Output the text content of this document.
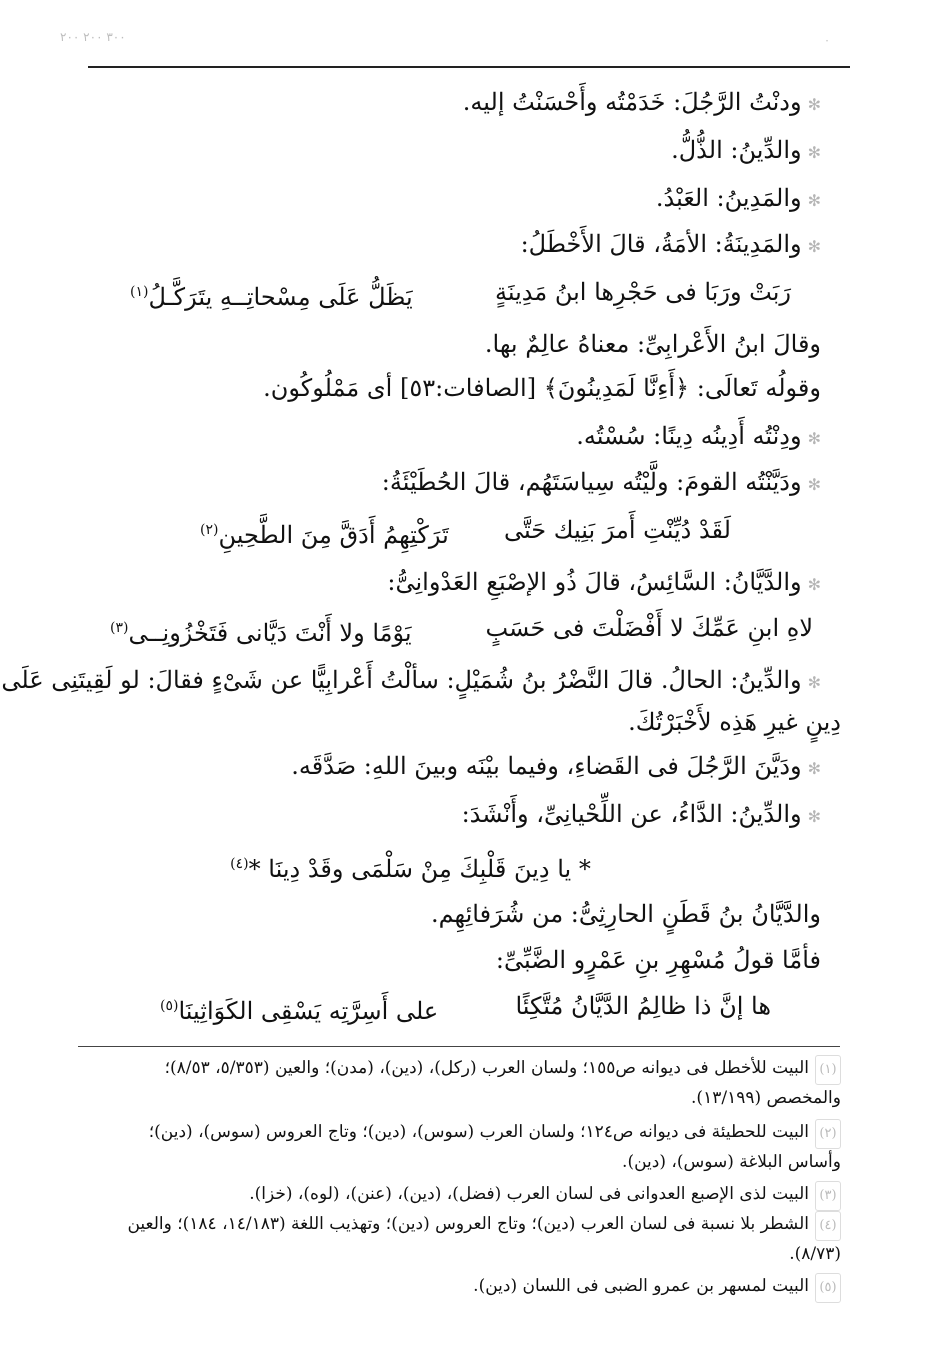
٣٠٠ ٢٠٠ ٢٠٠	·
✻ودنْتُ الرَّجُلَ: خَدَمْتُه وأَحْسَنْتُ إليه.
✻والدِّينُ: الذُّلُّ.
✻والمَدِينُ: العَبْدُ.
✻والمَدِينَةُ: الأمَةُ، قالَ الأَخْطَلُ:
رَبَتْ ورَبَا فى حَجْرِها ابنُ مَدِينَةٍ
يَظَلُّ عَلَى مِسْحاتِــهِ يتَرَكَّـلُ$^{(١)}$
وقالَ ابنُ الأَعْرابِىِّ: معناهُ عالِمٌ بها.
وقولُه تَعالَى: ﴿أَءِنَّا لَمَدِينُونَ﴾ [الصافات:٥٣] أى مَمْلُوكُون.
✻ودِنْتُه أَدِينُه دِينًا: سُسْتُه.
✻ودَيَّنْتُه القومَ: ولَّيْتُه سِياسَتَهُم، قالَ الحُطَيْئَةُ:
لَقَدْ دُيِّنْتِ أَمرَ بَنِيك حَتَّى
تَرَكْتِهِمُ أَدَقَّ مِنَ الطَّحِينِ$^{(٢)}$
✻والدَّيَّانُ: السَّائِسُ، قالَ ذُو الإصْبَعِ العَدْوانِىُّ:
لاهِ ابنِ عَمِّكَ لا أَفْضَلْتَ فى حَسَبٍ
يَوْمًا ولا أَنْتَ دَيَّانى فَتَخْزُونِــى$^{(٣)}$
✻والدِّينُ: الحالُ. قالَ النَّضْرُ بنُ شُمَيْلٍ: سألْتُ أَعْرابِيًّا عن شَىْءٍ فقالَ: لو لَقِيتَنِى عَلَى
دِينٍ غيرِ هَذِه لأَخْبَرْتُكَ.
✻ودَيَّنَ الرَّجُلَ فى القَضاءِ، وفيما بيْنَه وبينَ اللهِ: صَدَّقَه.
✻والدِّينُ: الدَّاءُ، عن اللِّحْيانِىِّ، وأَنْشَدَ:
* يا دِينَ قَلْبِكَ مِنْ سَلْمَى وقَدْ دِينَا *$^{(٤)}$
والدَّيَّانُ بنُ قَطَنٍ الحارِثِىُّ: من شُرَفائِهِم.
فأمَّا قولُ مُسْهِرِ بنِ عَمْرٍو الضَّبِّىِّ:
ها إنَّ ذا ظالِمُ الدَّيَّانُ مُتَّكِئًا
على أَسِرَّتِه يَسْقِى الكَوَاثِينَا$^{(٥)}$
(١)البيت للأخطل فى ديوانه ص١٥٥؛ ولسان العرب (ركل)، (دين)، (مدن)؛ والعين (٥/٣٥٣، ٨/٥٣)؛
والمخصص (١٣/١٩٩).
(٢)البيت للحطيئة فى ديوانه ص١٢٤؛ ولسان العرب (سوس)، (دين)؛ وتاج العروس (سوس)، (دين)؛
وأساس البلاغة (سوس)، (دين).
(٣)البيت لذى الإصبع العدوانى فى لسان العرب (فضل)، (دين)، (عنن)، (لوه)، (خزا).
(٤)الشطر بلا نسبة فى لسان العرب (دين)؛ وتاج العروس (دين)؛ وتهذيب اللغة (١٤/١٨٣، ١٨٤)؛ والعين
(٨/٧٣).
(٥)البيت لمسهر بن عمرو الضبى فى اللسان (دين).
